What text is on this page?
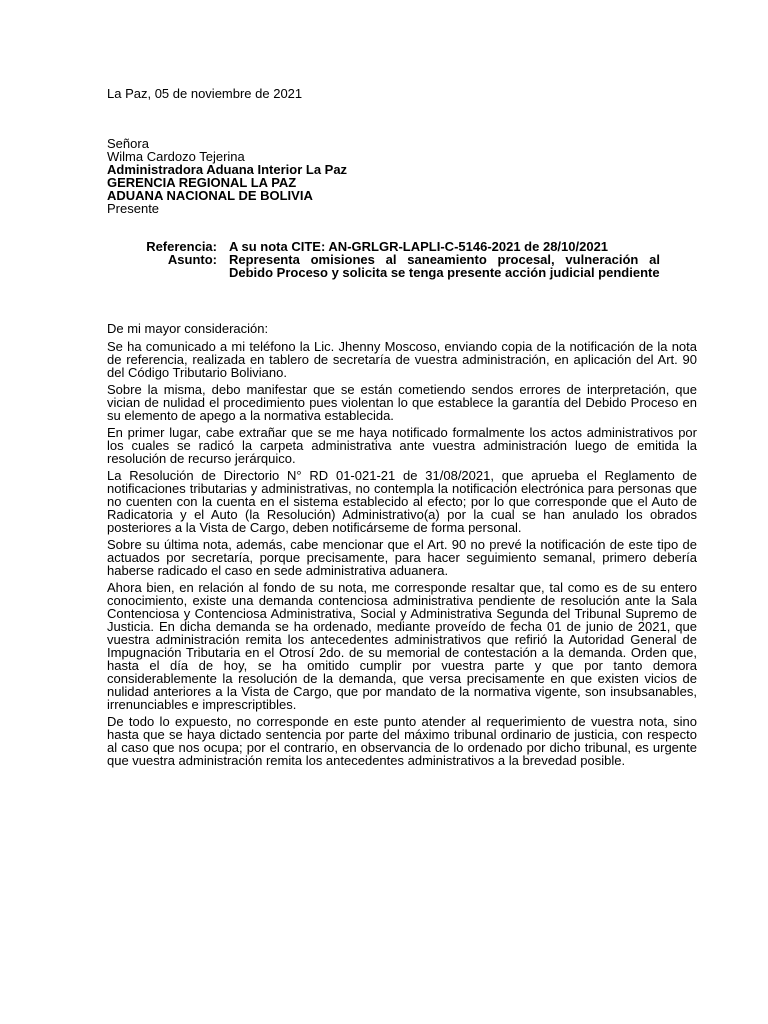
La Paz, 05 de noviembre de 2021
Señora
Wilma Cardozo Tejerina
Administradora Aduana Interior La Paz
GERENCIA REGIONAL LA PAZ
ADUANA NACIONAL DE BOLIVIA
Presente
Referencia: A su nota CITE: AN-GRLGR-LAPLI-C-5146-2021 de 28/10/2021
Asunto: Representa omisiones al saneamiento procesal, vulneración al Debido Proceso y solicita se tenga presente acción judicial pendiente
De mi mayor consideración:

Se ha comunicado a mi teléfono la Lic. Jhenny Moscoso, enviando copia de la notificación de la nota de referencia, realizada en tablero de secretaría de vuestra administración, en aplicación del Art. 90 del Código Tributario Boliviano.

Sobre la misma, debo manifestar que se están cometiendo sendos errores de interpretación, que vician de nulidad el procedimiento pues violentan lo que establece la garantía del Debido Proceso en su elemento de apego a la normativa establecida.

En primer lugar, cabe extrañar que se me haya notificado formalmente los actos administrativos por los cuales se radicó la carpeta administrativa ante vuestra administración luego de emitida la resolución de recurso jerárquico.

La Resolución de Directorio N° RD 01-021-21 de 31/08/2021, que aprueba el Reglamento de notificaciones tributarias y administrativas, no contempla la notificación electrónica para personas que no cuenten con la cuenta en el sistema establecido al efecto; por lo que corresponde que el Auto de Radicatoria y el Auto (la Resolución) Administrativo(a) por la cual se han anulado los obrados posteriores a la Vista de Cargo, deben notificárseme de forma personal.

Sobre su última nota, además, cabe mencionar que el Art. 90 no prevé la notificación de este tipo de actuados por secretaría, porque precisamente, para hacer seguimiento semanal, primero debería haberse radicado el caso en sede administrativa aduanera.

Ahora bien, en relación al fondo de su nota, me corresponde resaltar que, tal como es de su entero conocimiento, existe una demanda contenciosa administrativa pendiente de resolución ante la Sala Contenciosa y Contenciosa Administrativa, Social y Administrativa Segunda del Tribunal Supremo de Justicia. En dicha demanda se ha ordenado, mediante proveído de fecha 01 de junio de 2021, que vuestra administración remita los antecedentes administrativos que refirió la Autoridad General de Impugnación Tributaria en el Otrosí 2do. de su memorial de contestación a la demanda. Orden que, hasta el día de hoy, se ha omitido cumplir por vuestra parte y que por tanto demora considerablemente la resolución de la demanda, que versa precisamente en que existen vicios de nulidad anteriores a la Vista de Cargo, que por mandato de la normativa vigente, son insubsanables, irrenunciables e imprescriptibles.

De todo lo expuesto, no corresponde en este punto atender al requerimiento de vuestra nota, sino hasta que se haya dictado sentencia por parte del máximo tribunal ordinario de justicia, con respecto al caso que nos ocupa; por el contrario, en observancia de lo ordenado por dicho tribunal, es urgente que vuestra administración remita los antecedentes administrativos a la brevedad posible.
